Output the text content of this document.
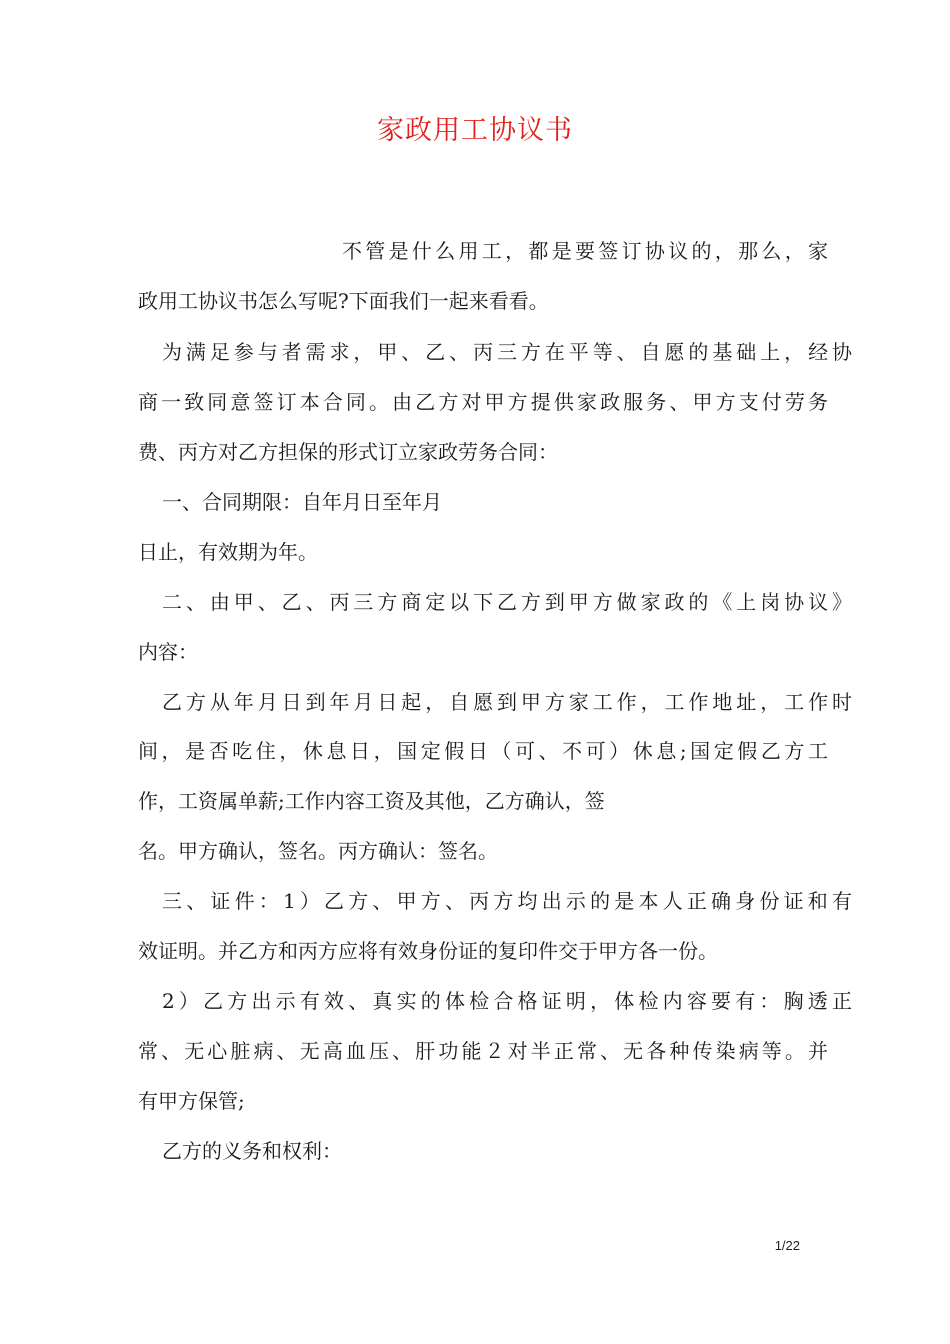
家政用工协议书
不管是什么用工，都是要签订协议的，那么，家
政用工协议书怎么写呢?下面我们一起来看看。
为满足参与者需求，甲、乙、丙三方在平等、自愿的基础上，经协
商一致同意签订本合同。由乙方对甲方提供家政服务、甲方支付劳务
费、丙方对乙方担保的形式订立家政劳务合同：
一、合同期限：自年月日至年月
日止，有效期为年。
二、由甲、乙、丙三方商定以下乙方到甲方做家政的《上岗协议》
内容：
乙方从年月日到年月日起，自愿到甲方家工作，工作地址，工作时
间，是否吃住，休息日，国定假日（可、不可）休息;国定假乙方工
作，工资属单薪;工作内容工资及其他，乙方确认，签
名。甲方确认，签名。丙方确认：签名。
三、证件：1）乙方、甲方、丙方均出示的是本人正确身份证和有
效证明。并乙方和丙方应将有效身份证的复印件交于甲方各一份。
2）乙方出示有效、真实的体检合格证明，体检内容要有：胸透正
常、无心脏病、无高血压、肝功能２对半正常、无各种传染病等。并
有甲方保管;
乙方的义务和权利：
1/22
